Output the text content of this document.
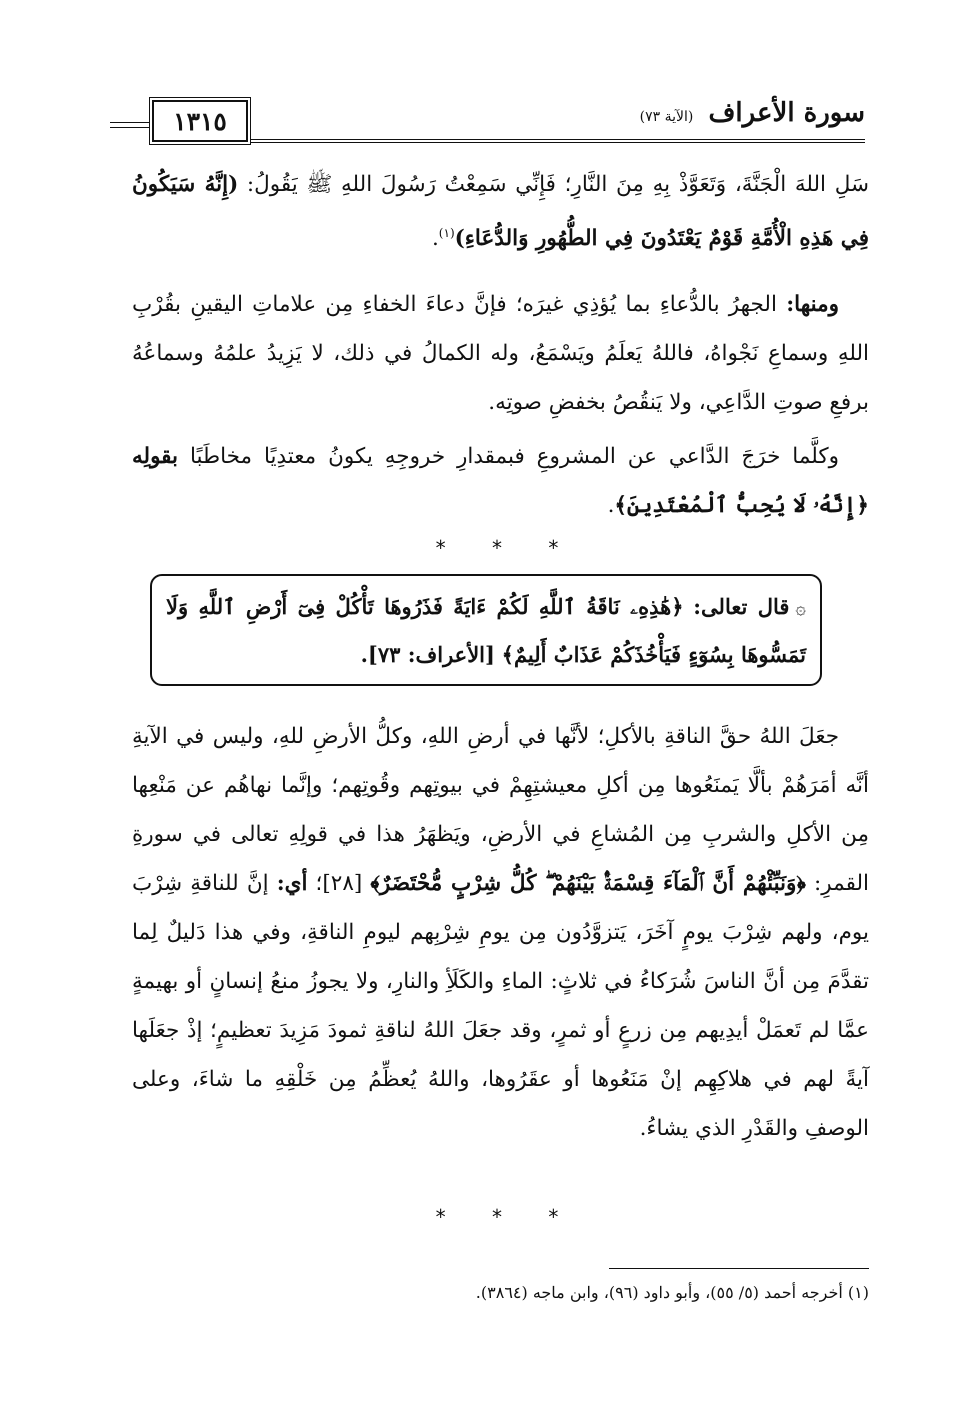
سورة الأعراف (الآية ٧٣)
١٣١٥
سَلِ اللهَ الْجَنَّةَ، وَتَعَوَّذْ بِهِ مِنَ النَّارِ؛ فَإِنِّي سَمِعْتُ رَسُولَ اللهِ ﷺ يَقُولُ: (إِنَّهُ سَيَكُونُ فِي هَذِهِ الْأُمَّةِ قَوْمٌ يَعْتَدُونَ فِي الطُّهُورِ وَالدُّعَاءِ)$^{(١)}$.
ومنها: الجهرُ بالدُّعاءِ بما يُؤذِي غيرَه؛ فإنَّ دعاءَ الخفاءِ مِن علاماتِ اليقينِ بقُرْبِ اللهِ وسماعِ نَجْواهُ، فاللهُ يَعلَمُ ويَسْمَعُ، وله الكمالُ في ذلك، لا يَزِيدُ علمُهُ وسماعُهُ برفعِ صوتِ الدَّاعِي، ولا يَنقُصُ بخفضِ صوتِه.
وكلَّما خرَجَ الدَّاعي عن المشروعِ فبمقدارِ خروجِهِ يكونُ معتدِيًا مخاطَبًا بقولِه ﴿إِنَّهُۥ لَا يُحِبُّ ٱلْمُعْتَدِينَ﴾.
* * *
۞قال تعالى: ﴿هَٰذِهِۦ نَاقَةُ ٱللَّهِ لَكُمْ ءَايَةً فَذَرُوهَا تَأْكُلْ فِىٓ أَرْضِ ٱللَّهِ وَلَا تَمَسُّوهَا بِسُوٓءٍ فَيَأْخُذَكُمْ عَذَابٌ أَلِيمٌ﴾ [الأعراف: ٧٣].
جعَلَ اللهُ حقَّ الناقةِ بالأكلِ؛ لأنَّها في أرضِ اللهِ، وكلُّ الأرضِ للهِ، وليس في الآيةِ أنَّه أمَرَهُمْ بألَّا يَمنَعُوها مِن أكلِ معيشتِهِمْ في بيوتِهم وقُوتِهم؛ وإنَّما نهاهُم عن مَنْعِها مِن الأكلِ والشربِ مِن المُشاعِ في الأرضِ، ويَظهَرُ هذا في قولِهِ تعالى في سورةِ القمرِ: ﴿وَنَبِّئْهُمْ أَنَّ ٱلْمَآءَ قِسْمَةٌۢ بَيْنَهُمْ ۖ كُلُّ شِرْبٍ مُّحْتَضَرٌ﴾ [٢٨]؛ أي: إنَّ للناقةِ شِرْبَ يوم، ولهم شِرْبَ يومٍ آخَرَ، يَتزوَّدُون مِن يومِ شِرْبِهم ليومِ الناقةِ، وفي هذا دَليلٌ لِما تقدَّمَ مِن أنَّ الناسَ شُرَكاءُ في ثلاثٍ: الماءِ والكَلَأِ والنارِ، ولا يجوزُ منعُ إنسانٍ أو بهيمةٍ عمَّا لم تَعمَلْ أيدِيهم مِن زرعٍ أو ثمرٍ، وقد جعَلَ اللهُ لناقةِ ثمودَ مَزِيدَ تعظيمٍ؛ إذْ جعَلَها آيةً لهم في هلاكِهِم إنْ مَنَعُوها أو عقَرُوها، واللهُ يُعظِّمُ مِن خَلْقِهِ ما شاءَ، وعلى الوصفِ والقَدْرِ الذي يشاءُ.
* * *
(١) أخرجه أحمد (٥/ ٥٥)، وأبو داود (٩٦)، وابن ماجه (٣٨٦٤).
